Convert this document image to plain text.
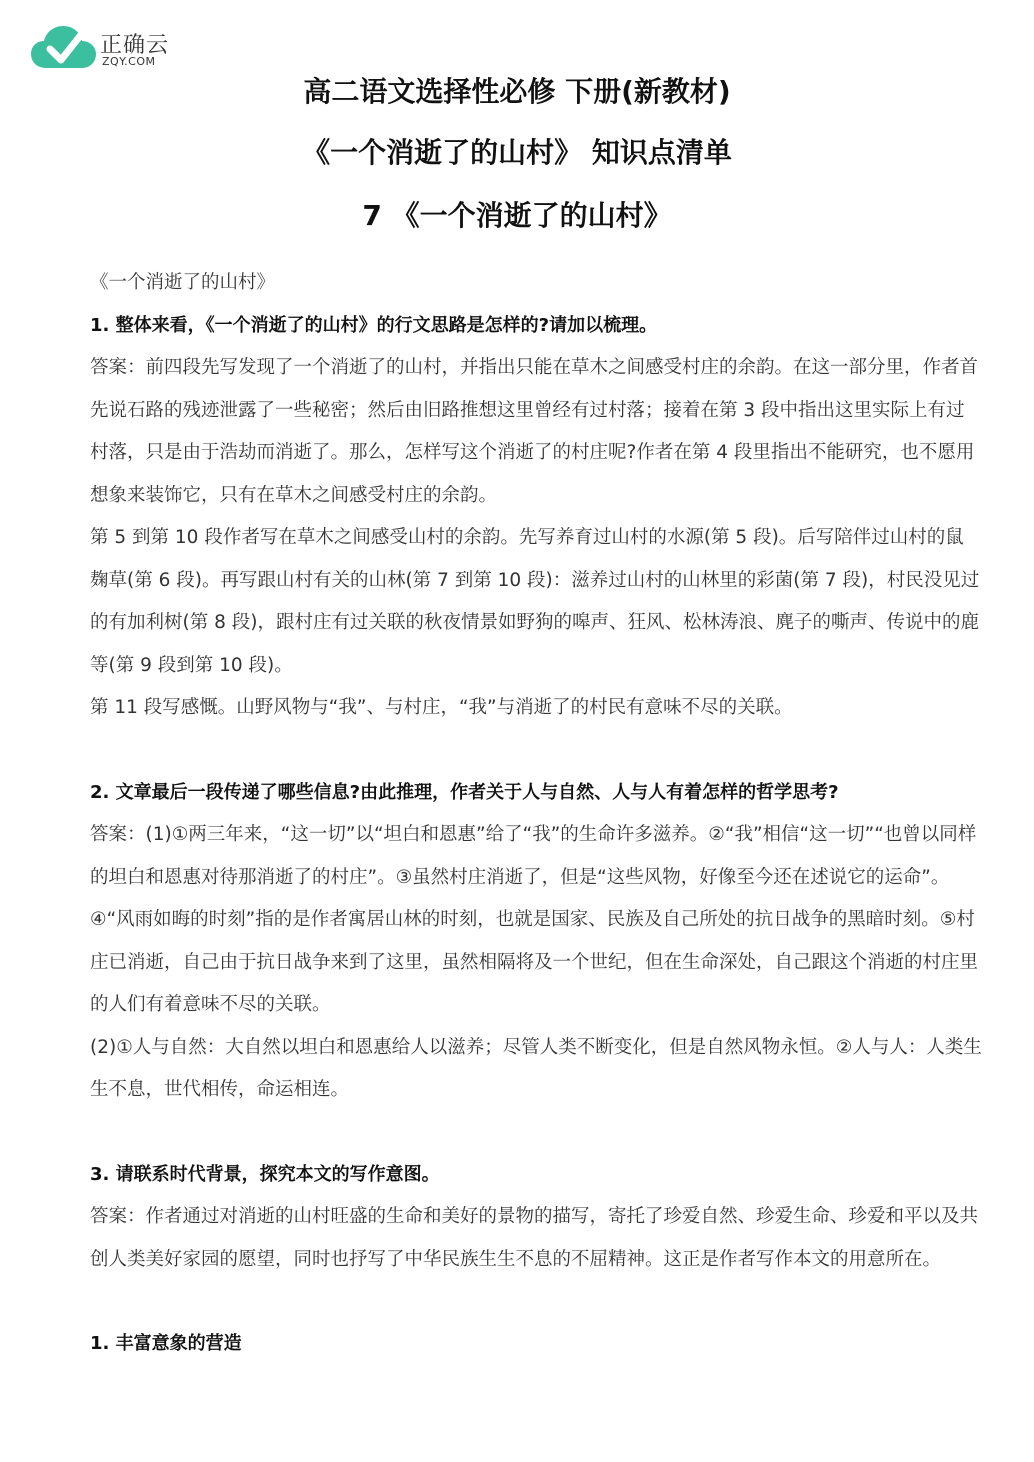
正确云
ZQY.COM
高二语文选择性必修 下册(新教材)
《一个消逝了的山村》 知识点清单
7 《一个消逝了的山村》

《一个消逝了的山村》

1. 整体来看，《一个消逝了的山村》的行文思路是怎样的?请加以梳理。

答案：前四段先写发现了一个消逝了的山村，并指出只能在草木之间感受村庄的余韵。在这一部分里，作者首先说石路的残迹泄露了一些秘密；然后由旧路推想这里曾经有过村落；接着在第 3 段中指出这里实际上有过村落，只是由于浩劫而消逝了。那么，怎样写这个消逝了的村庄呢?作者在第 4 段里指出不能研究，也不愿用想象来装饰它，只有在草木之间感受村庄的余韵。

第 5 到第 10 段作者写在草木之间感受山村的余韵。先写养育过山村的水源(第 5 段)。后写陪伴过山村的鼠麹草(第 6 段)。再写跟山村有关的山林(第 7 到第 10 段)：滋养过山村的山林里的彩菌(第 7 段)，村民没见过的有加利树(第 8 段)，跟村庄有过关联的秋夜情景如野狗的嗥声、狂风、松林涛浪、麂子的嘶声、传说中的鹿等(第 9 段到第 10 段)。

第 11 段写感慨。山野风物与“我”、与村庄，“我”与消逝了的村民有意味不尽的关联。

2. 文章最后一段传递了哪些信息?由此推理，作者关于人与自然、人与人有着怎样的哲学思考?

答案：(1)①两三年来，“这一切”以“坦白和恩惠”给了“我”的生命许多滋养。②“我”相信“这一切”“也曾以同样的坦白和恩惠对待那消逝了的村庄”。③虽然村庄消逝了，但是“这些风物，好像至今还在述说它的运命”。④“风雨如晦的时刻”指的是作者寓居山林的时刻，也就是国家、民族及自己所处的抗日战争的黑暗时刻。⑤村庄已消逝，自己由于抗日战争来到了这里，虽然相隔将及一个世纪，但在生命深处，自己跟这个消逝的村庄里的人们有着意味不尽的关联。

(2)①人与自然：大自然以坦白和恩惠给人以滋养；尽管人类不断变化，但是自然风物永恒。②人与人：人类生生不息，世代相传，命运相连。

3. 请联系时代背景，探究本文的写作意图。

答案：作者通过对消逝的山村旺盛的生命和美好的景物的描写，寄托了珍爱自然、珍爱生命、珍爱和平以及共创人类美好家园的愿望，同时也抒写了中华民族生生不息的不屈精神。这正是作者写作本文的用意所在。

1. 丰富意象的营造
